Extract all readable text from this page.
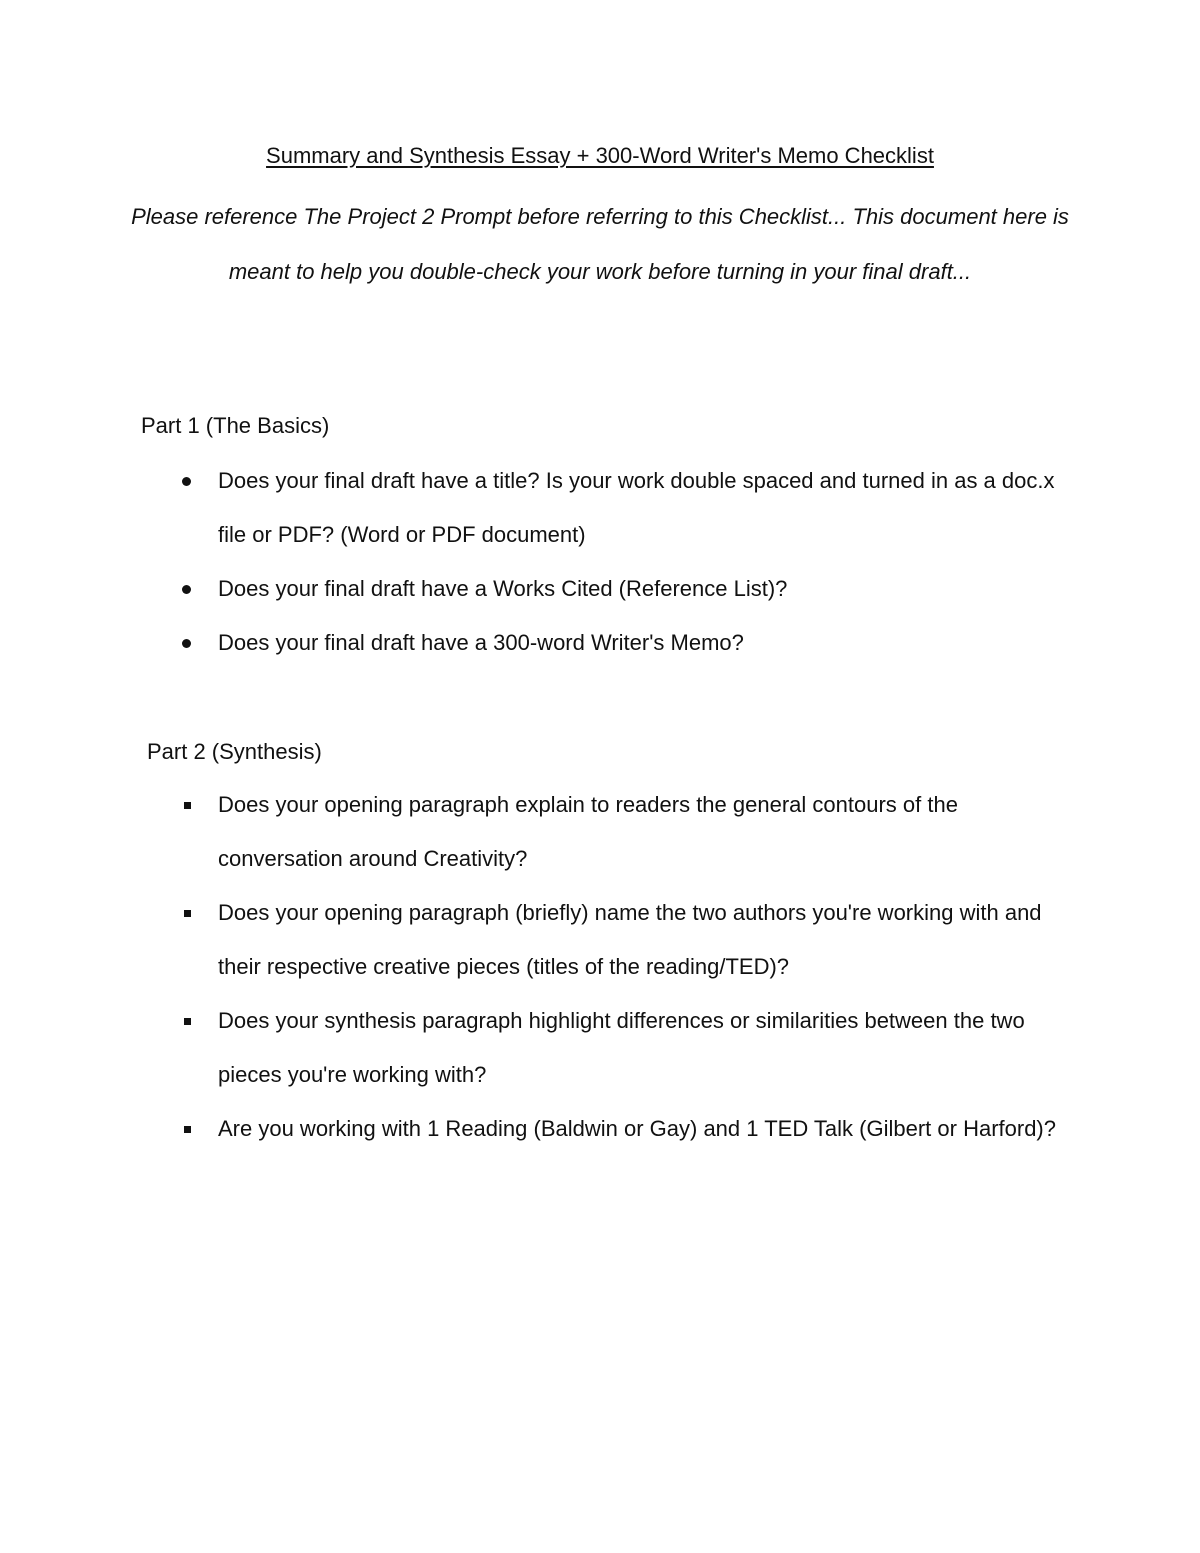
Summary and Synthesis Essay + 300-Word Writer's Memo Checklist
Please reference The Project 2 Prompt before referring to this Checklist... This document here is meant to help you double-check your work before turning in your final draft...
Part 1 (The Basics)
Does your final draft have a title? Is your work double spaced and turned in as a doc.x file or PDF? (Word or PDF document)
Does your final draft have a Works Cited (Reference List)?
Does your final draft have a 300-word Writer's Memo?
Part 2 (Synthesis)
Does your opening paragraph explain to readers the general contours of the conversation around Creativity?
Does your opening paragraph (briefly) name the two authors you're working with and their respective creative pieces (titles of the reading/TED)?
Does your synthesis paragraph highlight differences or similarities between the two pieces you're working with?
Are you working with 1 Reading (Baldwin or Gay) and 1 TED Talk (Gilbert or Harford)?
